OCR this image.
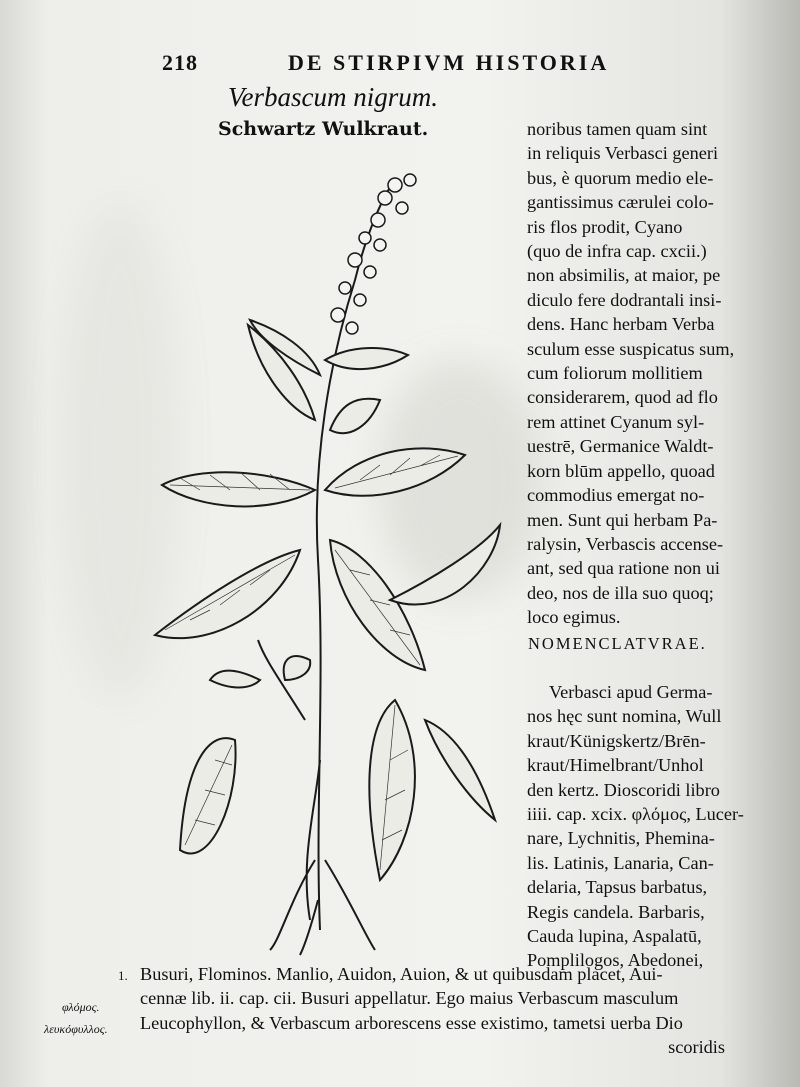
218	DE STIRPIVM HISTORIA
Verbascum nigrum.
Schwartz Wulkraut.	noribus tamen quam sint
in reliquis Verbasci generi
bus, è quorum medio ele-
gantissimus cærulei colo-
ris flos prodit, Cyano
(quo de infra cap. cxcii.)
non absimilis, at maior, pe
diculo fere dodrantali insi-
dens. Hanc herbam Verba
sculum esse suspicatus sum,
cum foliorum mollitiem
considerarem, quod ad flo
rem attinet Cyanum syl-
uestrē, Germanice Waldt-
korn blūm appello, quoad
commodius emergat no-
men. Sunt qui herbam Pa-
ralysin, Verbascis accense-
ant, sed qua ratione non ui
deo, nos de illa suo quoq;
loco egimus.
NOMENCLATVRAE.
Verbasci apud Germa-
nos hęc sunt nomina, Wull
kraut/Künigskertz/Brēn-
kraut/Himelbrant/Unhol
den kertz. Dioscoridi libro
iiii. cap. xcix. φλόμος, Lucer-
nare, Lychnitis, Phemina-
lis. Latinis, Lanaria, Can-
delaria, Tapsus barbatus,
Regis candela. Barbaris,
Cauda lupina, Aspalatū,
Pomplilogos, Abedonei,
Busuri, Flominos. Manlio, Auidon, Auion, & ut quibusdam placet, Aui-
cennæ lib. ii. cap. cii. Busuri appellatur. Ego maius Verbascum masculum
Leucophyllon, & Verbascum arborescens esse existimo, tametsi uerba Dio
scoridis
1.
φλόμος.
λευκόφυλλος.
